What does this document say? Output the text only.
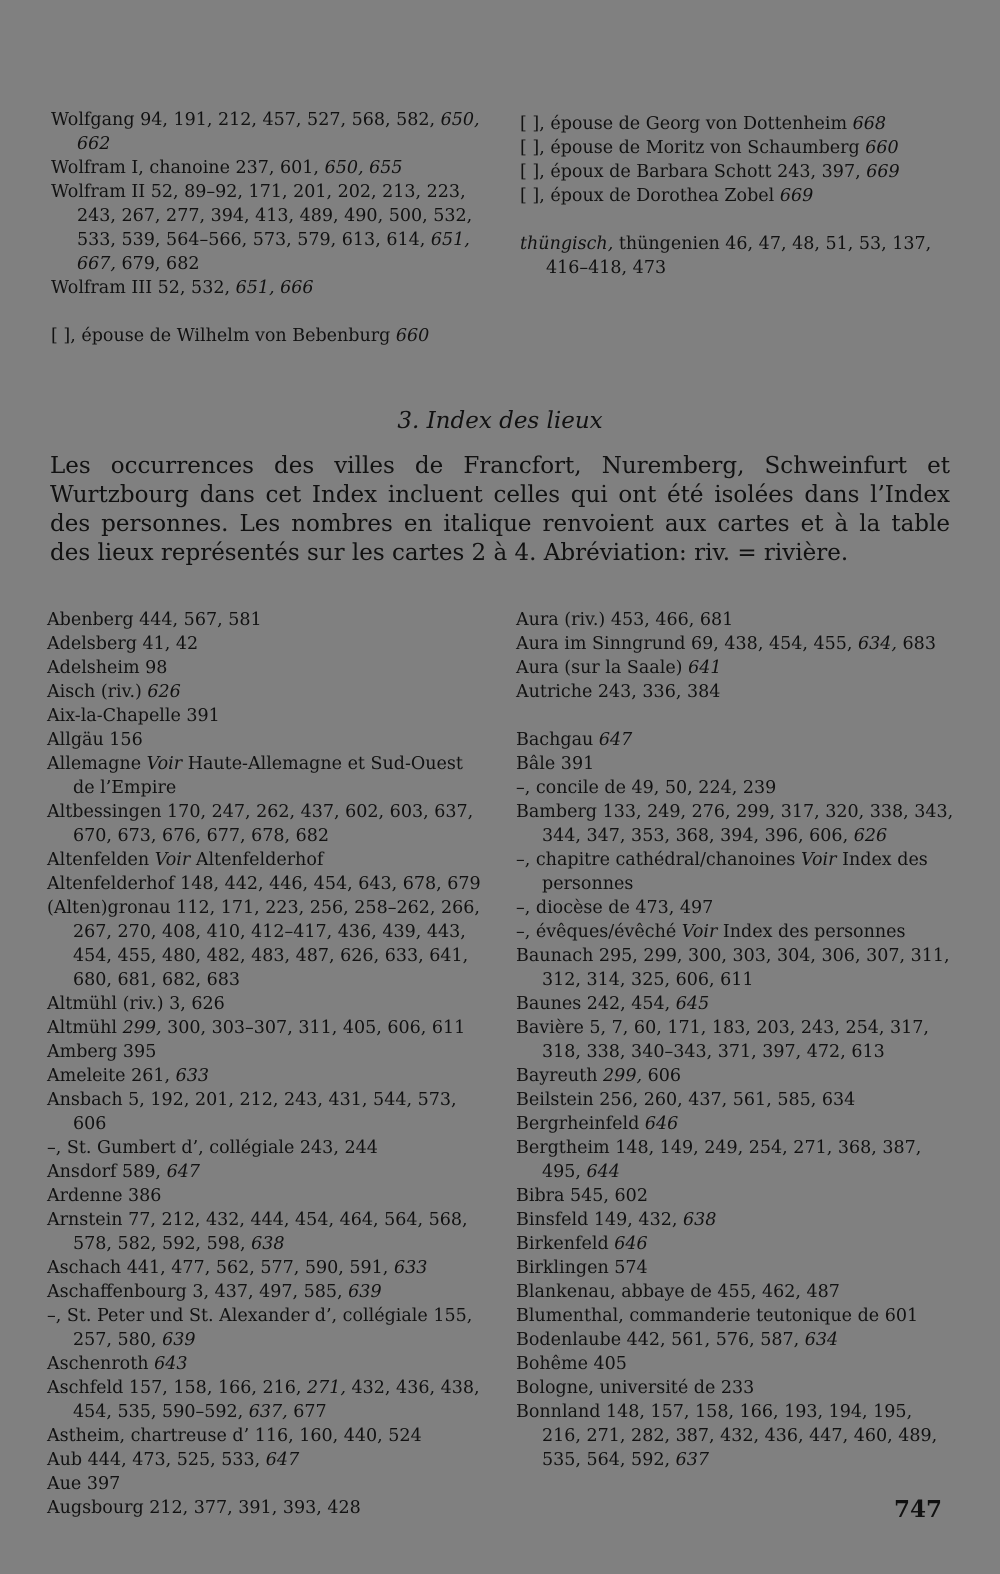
Wolfgang 94, 191, 212, 457, 527, 568, 582, 650, 662
Wolfram I, chanoine 237, 601, 650, 655
Wolfram II 52, 89–92, 171, 201, 202, 213, 223, 243, 267, 277, 394, 413, 489, 490, 500, 532, 533, 539, 564–566, 573, 579, 613, 614, 651, 667, 679, 682
Wolfram III 52, 532, 651, 666
[ ], épouse de Wilhelm von Bebenburg 660
[ ], épouse de Georg von Dottenheim 668
[ ], épouse de Moritz von Schaumberg 660
[ ], époux de Barbara Schott 243, 397, 669
[ ], époux de Dorothea Zobel 669
thüngisch, thüngenien 46, 47, 48, 51, 53, 137, 416–418, 473
3. Index des lieux
Les occurrences des villes de Francfort, Nuremberg, Schweinfurt et Wurtzbourg dans cet Index incluent celles qui ont été isolées dans l’Index des personnes. Les nombres en italique renvoient aux cartes et à la table des lieux représentés sur les cartes 2 à 4. Abréviation: riv. = rivière.
Abenberg 444, 567, 581
Adelsberg 41, 42
Adelsheim 98
Aisch (riv.) 626
Aix-la-Chapelle 391
Allgäu 156
Allemagne Voir Haute-Allemagne et Sud-Ouest de l’Empire
Altbessingen 170, 247, 262, 437, 602, 603, 637, 670, 673, 676, 677, 678, 682
Altenfelden Voir Altenfelderhof
Altenfelderhof 148, 442, 446, 454, 643, 678, 679
(Alten)gronau 112, 171, 223, 256, 258–262, 266, 267, 270, 408, 410, 412–417, 436, 439, 443, 454, 455, 480, 482, 483, 487, 626, 633, 641, 680, 681, 682, 683
Altmühl (riv.) 3, 626
Altmühl 299, 300, 303–307, 311, 405, 606, 611
Amberg 395
Ameleite 261, 633
Ansbach 5, 192, 201, 212, 243, 431, 544, 573, 606
–, St. Gumbert d’, collégiale 243, 244
Ansdorf 589, 647
Ardenne 386
Arnstein 77, 212, 432, 444, 454, 464, 564, 568, 578, 582, 592, 598, 638
Aschach 441, 477, 562, 577, 590, 591, 633
Aschaffenbourg 3, 437, 497, 585, 639
–, St. Peter und St. Alexander d’, collégiale 155, 257, 580, 639
Aschenroth 643
Aschfeld 157, 158, 166, 216, 271, 432, 436, 438, 454, 535, 590–592, 637, 677
Astheim, chartreuse d’ 116, 160, 440, 524
Aub 444, 473, 525, 533, 647
Aue 397
Augsbourg 212, 377, 391, 393, 428
Aura (riv.) 453, 466, 681
Aura im Sinngrund 69, 438, 454, 455, 634, 683
Aura (sur la Saale) 641
Autriche 243, 336, 384
Bachgau 647
Bâle 391
–, concile de 49, 50, 224, 239
Bamberg 133, 249, 276, 299, 317, 320, 338, 343, 344, 347, 353, 368, 394, 396, 606, 626
–, chapitre cathédral/chanoines Voir Index des personnes
–, diocèse de 473, 497
–, évêques/évêché Voir Index des personnes
Baunach 295, 299, 300, 303, 304, 306, 307, 311, 312, 314, 325, 606, 611
Baunes 242, 454, 645
Bavière 5, 7, 60, 171, 183, 203, 243, 254, 317, 318, 338, 340–343, 371, 397, 472, 613
Bayreuth 299, 606
Beilstein 256, 260, 437, 561, 585, 634
Bergrheinfeld 646
Bergtheim 148, 149, 249, 254, 271, 368, 387, 495, 644
Bibra 545, 602
Binsfeld 149, 432, 638
Birkenfeld 646
Birklingen 574
Blankenau, abbaye de 455, 462, 487
Blumenthal, commanderie teutonique de 601
Bodenlaube 442, 561, 576, 587, 634
Bohême 405
Bologne, université de 233
Bonnland 148, 157, 158, 166, 193, 194, 195, 216, 271, 282, 387, 432, 436, 447, 460, 489, 535, 564, 592, 637
747
